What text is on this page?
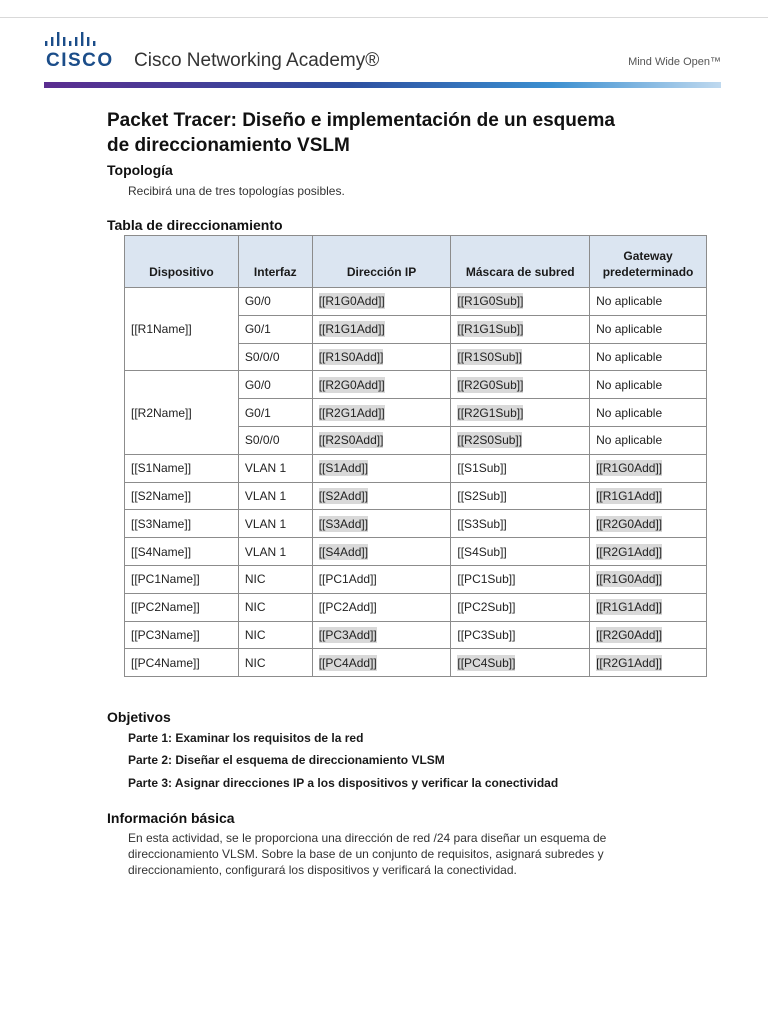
CISCO Cisco Networking Academy®	Mind Wide Open™
Packet Tracer: Diseño e implementación de un esquema
de direccionamiento VSLM
Topología
Recibirá una de tres topologías posibles.
Tabla de direccionamiento
Dispositivo	Interfaz	Dirección IP	Máscara de subred	Gateway predeterminado
[[R1Name]]	G0/0	[[R1G0Add]]	[[R1G0Sub]]	No aplicable
	G0/1	[[R1G1Add]]	[[R1G1Sub]]	No aplicable
	S0/0/0	[[R1S0Add]]	[[R1S0Sub]]	No aplicable
[[R2Name]]	G0/0	[[R2G0Add]]	[[R2G0Sub]]	No aplicable
	G0/1	[[R2G1Add]]	[[R2G1Sub]]	No aplicable
	S0/0/0	[[R2S0Add]]	[[R2S0Sub]]	No aplicable
[[S1Name]]	VLAN 1	[[S1Add]]	[[S1Sub]]	[[R1G0Add]]
[[S2Name]]	VLAN 1	[[S2Add]]	[[S2Sub]]	[[R1G1Add]]
[[S3Name]]	VLAN 1	[[S3Add]]	[[S3Sub]]	[[R2G0Add]]
[[S4Name]]	VLAN 1	[[S4Add]]	[[S4Sub]]	[[R2G1Add]]
[[PC1Name]]	NIC	[[PC1Add]]	[[PC1Sub]]	[[R1G0Add]]
[[PC2Name]]	NIC	[[PC2Add]]	[[PC2Sub]]	[[R1G1Add]]
[[PC3Name]]	NIC	[[PC3Add]]	[[PC3Sub]]	[[R2G0Add]]
[[PC4Name]]	NIC	[[PC4Add]]	[[PC4Sub]]	[[R2G1Add]]
Objetivos
Parte 1: Examinar los requisitos de la red
Parte 2: Diseñar el esquema de direccionamiento VLSM
Parte 3: Asignar direcciones IP a los dispositivos y verificar la conectividad
Información básica
En esta actividad, se le proporciona una dirección de red /24 para diseñar un esquema de
direccionamiento VLSM. Sobre la base de un conjunto de requisitos, asignará subredes y
direccionamiento, configurará los dispositivos y verificará la conectividad.
